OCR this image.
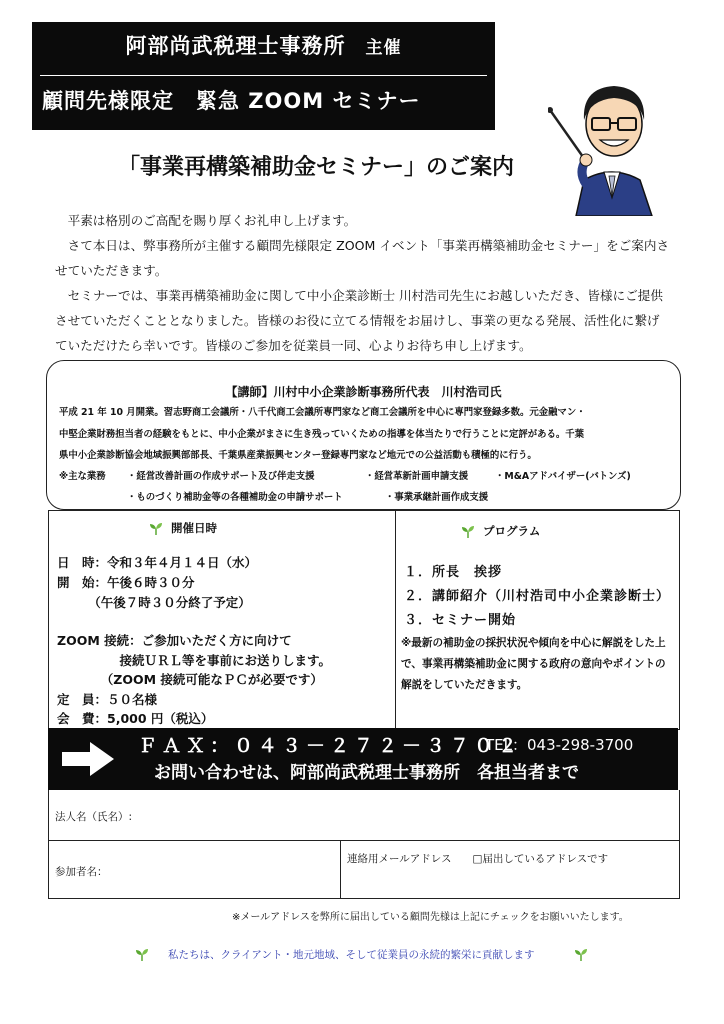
阿部尚武税理士事務所 主催
顧問先様限定　緊急 ZOOM セミナー
「事業再構築補助金セミナー」のご案内
　平素は格別のご高配を賜り厚くお礼申し上げます。
　さて本日は、弊事務所が主催する顧問先様限定 ZOOM イベント「事業再構築補助金セミナー」をご案内させていただきます。
　セミナーでは、事業再構築補助金に関して中小企業診断士 川村浩司先生にお越しいただき、皆様にご提供させていただくこととなりました。皆様のお役に立てる情報をお届けし、事業の更なる発展、活性化に繋げていただけたら幸いです。皆様のご参加を従業員一同、心よりお待ち申し上げます。
【講師】川村中小企業診断事務所代表　川村浩司氏
平成 21 年 10 月開業。習志野商工会議所・八千代商工会議所専門家など商工会議所を中心に専門家登録多数。元金融マン・
中堅企業財務担当者の経験をもとに、中小企業がまさに生き残っていくための指導を体当たりで行うことに定評がある。千葉
県中小企業診断協会地域振興部部長、千葉県産業振興センター登録専門家など地元での公益活動も積極的に行う。
※主な業務 ・経営改善計画の作成サポート及び伴走支援	・経営革新計画申請支援	・M&Aアドバイザー(バトンズ)
・ものづくり補助金等の各種補助金の申請サポート	・事業承継計画作成支援
開催日時
日　時：令和３年４月１４日（水）
開　始：午後６時３０分
　　　（午後７時３０分終了予定）
ZOOM 接続：ご参加いただく方に向けて
　　　　　接続ＵＲＬ等を事前にお送りします。
　　　　（ZOOM 接続可能なＰＣが必要です）
定　員：５０名様
会　費：5,000 円（税込）
プログラム
１．所長　挨拶
２．講師紹介（川村浩司中小企業診断士）
３．セミナー開始
※最新の補助金の採択状況や傾向を中心に解説をした上で、事業再構築補助金に関する政府の意向やポイントの解説をしていただきます。
ＦＡＸ：０４３－２７２－３７０２
TEL：043-298-3700
お問い合わせは、阿部尚武税理士事務所　各担当者まで
法人名（氏名）:
参加者名：
連絡用メールアドレス　　□届出しているアドレスです
※メールアドレスを弊所に届出している顧問先様は上記にチェックをお願いいたします。
私たちは、クライアント・地元地域、そして従業員の永続的繁栄に貢献します
